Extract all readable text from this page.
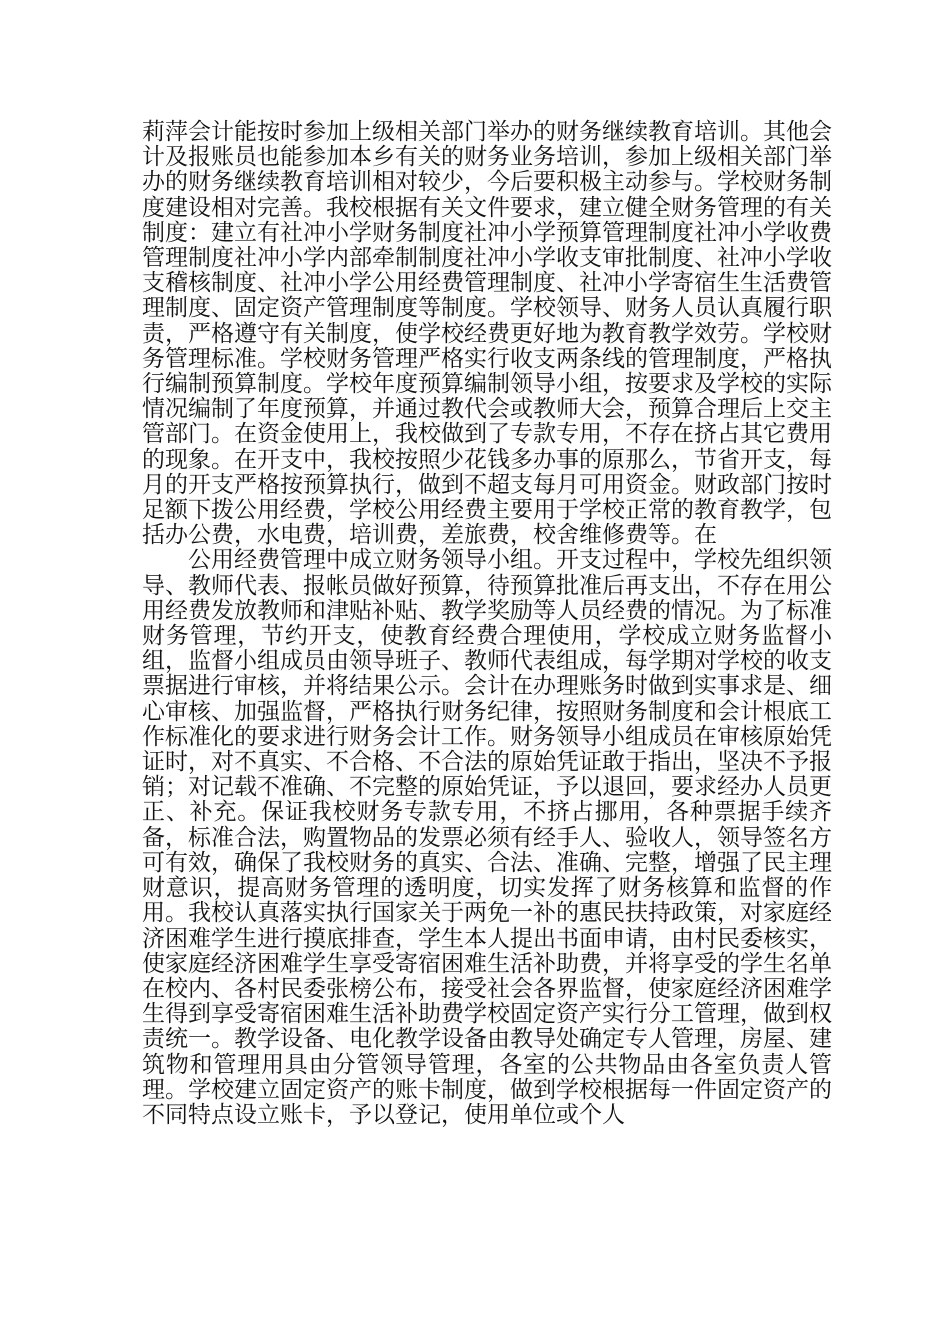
莉萍会计能按时参加上级相关部门举办的财务继续教育培训。其他会计及报账员也能参加本乡有关的财务业务培训，参加上级相关部门举办的财务继续教育培训相对较少，今后要积极主动参与。学校财务制度建设相对完善。我校根据有关文件要求，建立健全财务管理的有关制度：建立有社冲小学财务制度社冲小学预算管理制度社冲小学收费管理制度社冲小学内部牵制制度社冲小学收支审批制度、社冲小学收支稽核制度、社冲小学公用经费管理制度、社冲小学寄宿生生活费管理制度、固定资产管理制度等制度。学校领导、财务人员认真履行职责，严格遵守有关制度，使学校经费更好地为教育教学效劳。学校财务管理标准。学校财务管理严格实行收支两条线的管理制度，严格执行编制预算制度。学校年度预算编制领导小组，按要求及学校的实际情况编制了年度预算，并通过教代会或教师大会，预算合理后上交主管部门。在资金使用上，我校做到了专款专用，不存在挤占其它费用的现象。在开支中，我校按照少花钱多办事的原那么，节省开支，每月的开支严格按预算执行，做到不超支每月可用资金。财政部门按时足额下拨公用经费，学校公用经费主要用于学校正常的教育教学，包括办公费，水电费，培训费，差旅费，校舍维修费等。在

公用经费管理中成立财务领导小组。开支过程中，学校先组织领导、教师代表、报帐员做好预算，待预算批准后再支出，不存在用公用经费发放教师和津贴补贴、教学奖励等人员经费的情况。为了标准财务管理，节约开支，使教育经费合理使用，学校成立财务监督小组，监督小组成员由领导班子、教师代表组成，每学期对学校的收支票据进行审核，并将结果公示。会计在办理账务时做到实事求是、细心审核、加强监督，严格执行财务纪律，按照财务制度和会计根底工作标准化的要求进行财务会计工作。财务领导小组成员在审核原始凭证时，对不真实、不合格、不合法的原始凭证敢于指出，坚决不予报销；对记载不准确、不完整的原始凭证，予以退回，要求经办人员更正、补充。保证我校财务专款专用，不挤占挪用，各种票据手续齐备，标准合法，购置物品的发票必须有经手人、验收人，领导签名方可有效，确保了我校财务的真实、合法、准确、完整，增强了民主理财意识，提高财务管理的透明度，切实发挥了财务核算和监督的作用。我校认真落实执行国家关于两免一补的惠民扶持政策，对家庭经济困难学生进行摸底排查，学生本人提出书面申请，由村民委核实，使家庭经济困难学生享受寄宿困难生活补助费，并将享受的学生名单在校内、各村民委张榜公布，接受社会各界监督，使家庭经济困难学生得到享受寄宿困难生活补助费学校固定资产实行分工管理，做到权责统一。教学设备、电化教学设备由教导处确定专人管理，房屋、建筑物和管理用具由分管领导管理，各室的公共物品由各室负责人管理。学校建立固定资产的账卡制度，做到学校根据每一件固定资产的不同特点设立账卡，予以登记，使用单位或个人
